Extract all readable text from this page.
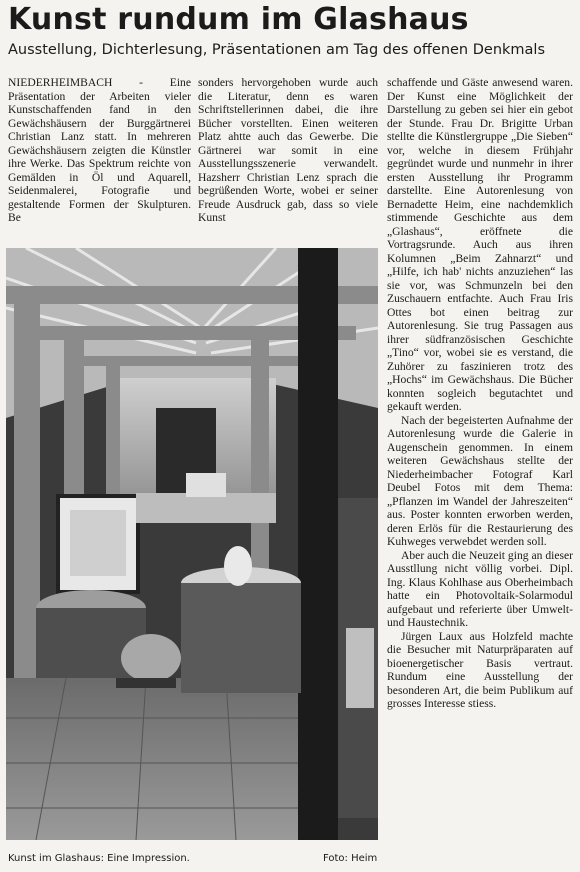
Kunst rundum im Glashaus
Ausstellung, Dichterlesung, Präsentationen am Tag des offenen Denkmals

NIEDERHEIMBACH - Eine Präsentation der Arbeiten vieler Kunstschaffenden fand in den Gewächshäusern der Burggärtnerei Christian Lanz statt. In mehreren Gewächshäusern zeigten die Künstler ihre Werke. Das Spektrum reichte von Gemälden in Öl und Aquarell, Seidenmalerei, Fotografie und gestaltende Formen der Skulpturen. Be

sonders hervorgehoben wurde auch die Literatur, denn es waren Schriftstellerinnen dabei, die ihre Bücher vorstellten. Einen weiteren Platz ahtte auch das Gewerbe. Die Gärtnerei war somit in eine Ausstellungsszenerie verwandelt. Hazsherr Christian Lenz sprach die begrüßenden Worte, wobei er seiner Freude Ausdruck gab, dass so viele Kunst

schaffende und Gäste anwesend waren. Der Kunst eine Möglichkeit der Darstellung zu geben sei hier ein gebot der Stunde. Frau Dr. Brigitte Urban stellte die Künstlergruppe „Die Sieben“ vor, welche in diesem Frühjahr gegründet wurde und nunmehr in ihrer ersten Ausstellung ihr Programm darstellte. Eine Autorenlesung von Bernadette Heim, eine nachdemklich stimmende Geschichte aus dem „Glashaus“, eröffnete die Vortragsrunde. Auch aus ihren Kolumnen „Beim Zahnarzt“ und „Hilfe, ich hab' nichts anzuziehen“ las sie vor, was Schmunzeln bei den Zuschauern entfachte. Auch Frau Iris Ottes bot einen beitrag zur Autorenlesung. Sie trug Passagen aus ihrer südfranzösischen Geschichte „Tino“ vor, wobei sie es verstand, die Zuhörer zu faszinieren trotz des „Hochs“ im Gewächshaus. Die Bücher konnten sogleich begutachtet und gekauft werden.

Nach der begeisterten Aufnahme der Autorenlesung wurde die Galerie in Augenschein genommen. In einem weiteren Gewächshaus stellte der Niederheimbacher Fotograf Karl Deubel Fotos mit dem Thema: „Pflanzen im Wandel der Jahreszeiten“ aus. Poster konnten erworben werden, deren Erlös für die Restaurierung des Kuhweges verwebdet werden soll.

Aber auch die Neuzeit ging an dieser Ausstllung nicht völlig vorbei. Dipl. Ing. Klaus Kohlhase aus Oberheimbach hatte ein Photovoltaik-Solarmodul aufgebaut und referierte über Umwelt- und Haustechnik.

Jürgen Laux aus Holzfeld machte die Besucher mit Naturpräparaten auf bioenergetischer Basis vertraut. Rundum eine Ausstellung der besonderen Art, die beim Publikum auf grosses Interesse stiess.

Kunst im Glashaus: Eine Impression.	Foto: Heim
